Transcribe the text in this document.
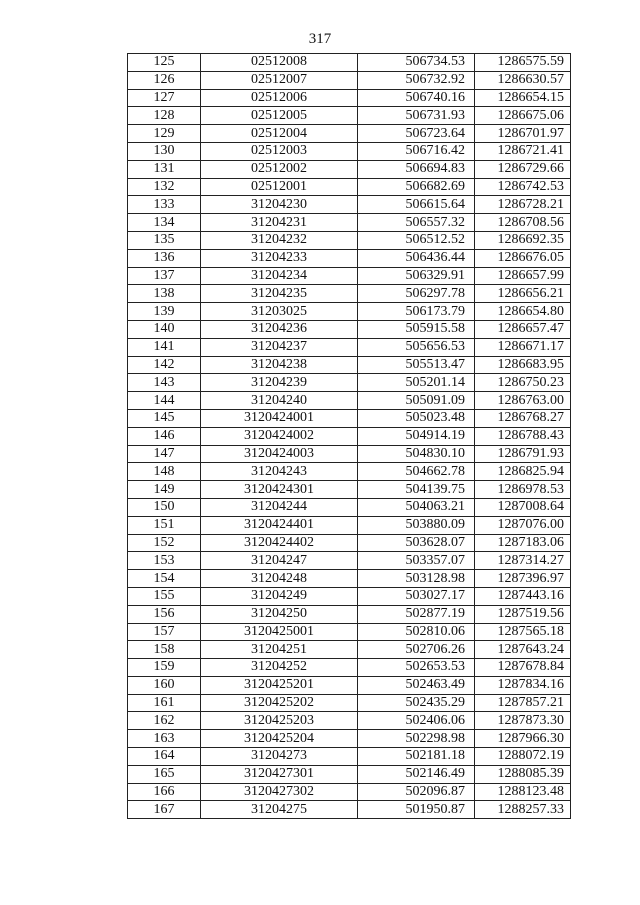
317
125	02512008	506734.53	1286575.59
126	02512007	506732.92	1286630.57
127	02512006	506740.16	1286654.15
128	02512005	506731.93	1286675.06
129	02512004	506723.64	1286701.97
130	02512003	506716.42	1286721.41
131	02512002	506694.83	1286729.66
132	02512001	506682.69	1286742.53
133	31204230	506615.64	1286728.21
134	31204231	506557.32	1286708.56
135	31204232	506512.52	1286692.35
136	31204233	506436.44	1286676.05
137	31204234	506329.91	1286657.99
138	31204235	506297.78	1286656.21
139	31203025	506173.79	1286654.80
140	31204236	505915.58	1286657.47
141	31204237	505656.53	1286671.17
142	31204238	505513.47	1286683.95
143	31204239	505201.14	1286750.23
144	31204240	505091.09	1286763.00
145	3120424001	505023.48	1286768.27
146	3120424002	504914.19	1286788.43
147	3120424003	504830.10	1286791.93
148	31204243	504662.78	1286825.94
149	3120424301	504139.75	1286978.53
150	31204244	504063.21	1287008.64
151	3120424401	503880.09	1287076.00
152	3120424402	503628.07	1287183.06
153	31204247	503357.07	1287314.27
154	31204248	503128.98	1287396.97
155	31204249	503027.17	1287443.16
156	31204250	502877.19	1287519.56
157	3120425001	502810.06	1287565.18
158	31204251	502706.26	1287643.24
159	31204252	502653.53	1287678.84
160	3120425201	502463.49	1287834.16
161	3120425202	502435.29	1287857.21
162	3120425203	502406.06	1287873.30
163	3120425204	502298.98	1287966.30
164	31204273	502181.18	1288072.19
165	3120427301	502146.49	1288085.39
166	3120427302	502096.87	1288123.48
167	31204275	501950.87	1288257.33
